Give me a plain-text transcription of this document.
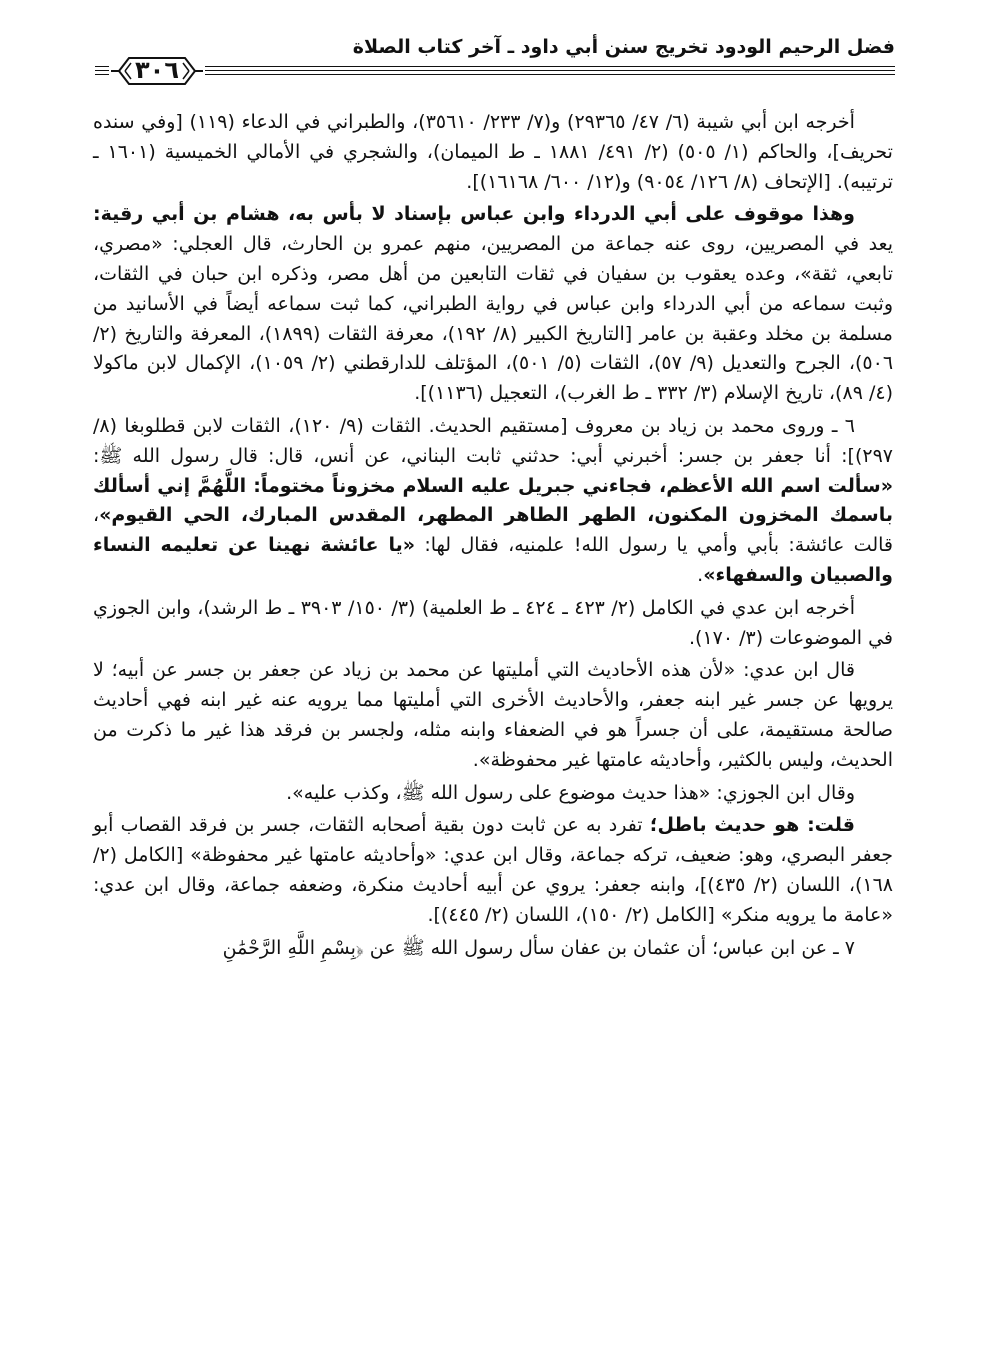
فضل الرحيم الودود تخريج سنن أبي داود ـ آخر كتاب الصلاة
٣٠٦

أخرجه ابن أبي شيبة (٦/ ٤٧/ ٢٩٣٦٥) و(٧/ ٢٣٣/ ٣٥٦١٠)، والطبراني في الدعاء (١١٩) [وفي سنده تحريف]، والحاكم (١/ ٥٠٥) (٢/ ٤٩١/ ١٨٨١ ـ ط الميمان)، والشجري في الأمالي الخميسية (١٦٠١ ـ ترتيبه). [الإتحاف (٨/ ١٢٦/ ٩٠٥٤) و(١٢/ ٦٠٠/ ١٦١٦٨)].

وهذا موقوف على أبي الدرداء وابن عباس بإسناد لا بأس به، هشام بن أبي رقية: يعد في المصريين، روى عنه جماعة من المصريين، منهم عمرو بن الحارث، قال العجلي: «مصري، تابعي، ثقة»، وعده يعقوب بن سفيان في ثقات التابعين من أهل مصر، وذكره ابن حبان في الثقات، وثبت سماعه من أبي الدرداء وابن عباس في رواية الطبراني، كما ثبت سماعه أيضاً في الأسانيد من مسلمة بن مخلد وعقبة بن عامر [التاريخ الكبير (٨/ ١٩٢)، معرفة الثقات (١٨٩٩)، المعرفة والتاريخ (٢/ ٥٠٦)، الجرح والتعديل (٩/ ٥٧)، الثقات (٥/ ٥٠١)، المؤتلف للدارقطني (٢/ ١٠٥٩)، الإكمال لابن ماكولا (٤/ ٨٩)، تاريخ الإسلام (٣/ ٣٣٢ ـ ط الغرب)، التعجيل (١١٣٦)].

٦ ـ وروى محمد بن زياد بن معروف [مستقيم الحديث. الثقات (٩/ ١٢٠)، الثقات لابن قطلوبغا (٨/ ٢٩٧)]: أنا جعفر بن جسر: أخبرني أبي: حدثني ثابت البناني، عن أنس، قال: قال رسول الله ﷺ: «سألت اسم الله الأعظم، فجاءني جبريل عليه السلام مخزوناً مختوماً: اللَّهُمَّ إني أسألك باسمك المخزون المكنون، الطهر الطاهر المطهر، المقدس المبارك، الحي القيوم»، قالت عائشة: بأبي وأمي يا رسول الله! علمنيه، فقال لها: «يا عائشة نهينا عن تعليمه النساء والصبيان والسفهاء».

أخرجه ابن عدي في الكامل (٢/ ٤٢٣ ـ ٤٢٤ ـ ط العلمية) (٣/ ١٥٠/ ٣٩٠٣ ـ ط الرشد)، وابن الجوزي في الموضوعات (٣/ ١٧٠).

قال ابن عدي: «لأن هذه الأحاديث التي أمليتها عن محمد بن زياد عن جعفر بن جسر عن أبيه؛ لا يرويها عن جسر غير ابنه جعفر، والأحاديث الأخرى التي أمليتها مما يرويه عنه غير ابنه فهي أحاديث صالحة مستقيمة، على أن جسراً هو في الضعفاء وابنه مثله، ولجسر بن فرقد هذا غير ما ذكرت من الحديث، وليس بالكثير، وأحاديثه عامتها غير محفوظة».

وقال ابن الجوزي: «هذا حديث موضوع على رسول الله ﷺ، وكذب عليه».

قلت: هو حديث باطل؛ تفرد به عن ثابت دون بقية أصحابه الثقات، جسر بن فرقد القصاب أبو جعفر البصري، وهو: ضعيف، تركه جماعة، وقال ابن عدي: «وأحاديثه عامتها غير محفوظة» [الكامل (٢/ ١٦٨)، اللسان (٢/ ٤٣٥)]، وابنه جعفر: يروي عن أبيه أحاديث منكرة، وضعفه جماعة، وقال ابن عدي: «عامة ما يرويه منكر» [الكامل (٢/ ١٥٠)، اللسان (٢/ ٤٤٥)].

٧ ـ عن ابن عباس؛ أن عثمان بن عفان سأل رسول الله ﷺ عن ﴿بِسْمِ اللَّهِ الرَّحْمَٰنِ
